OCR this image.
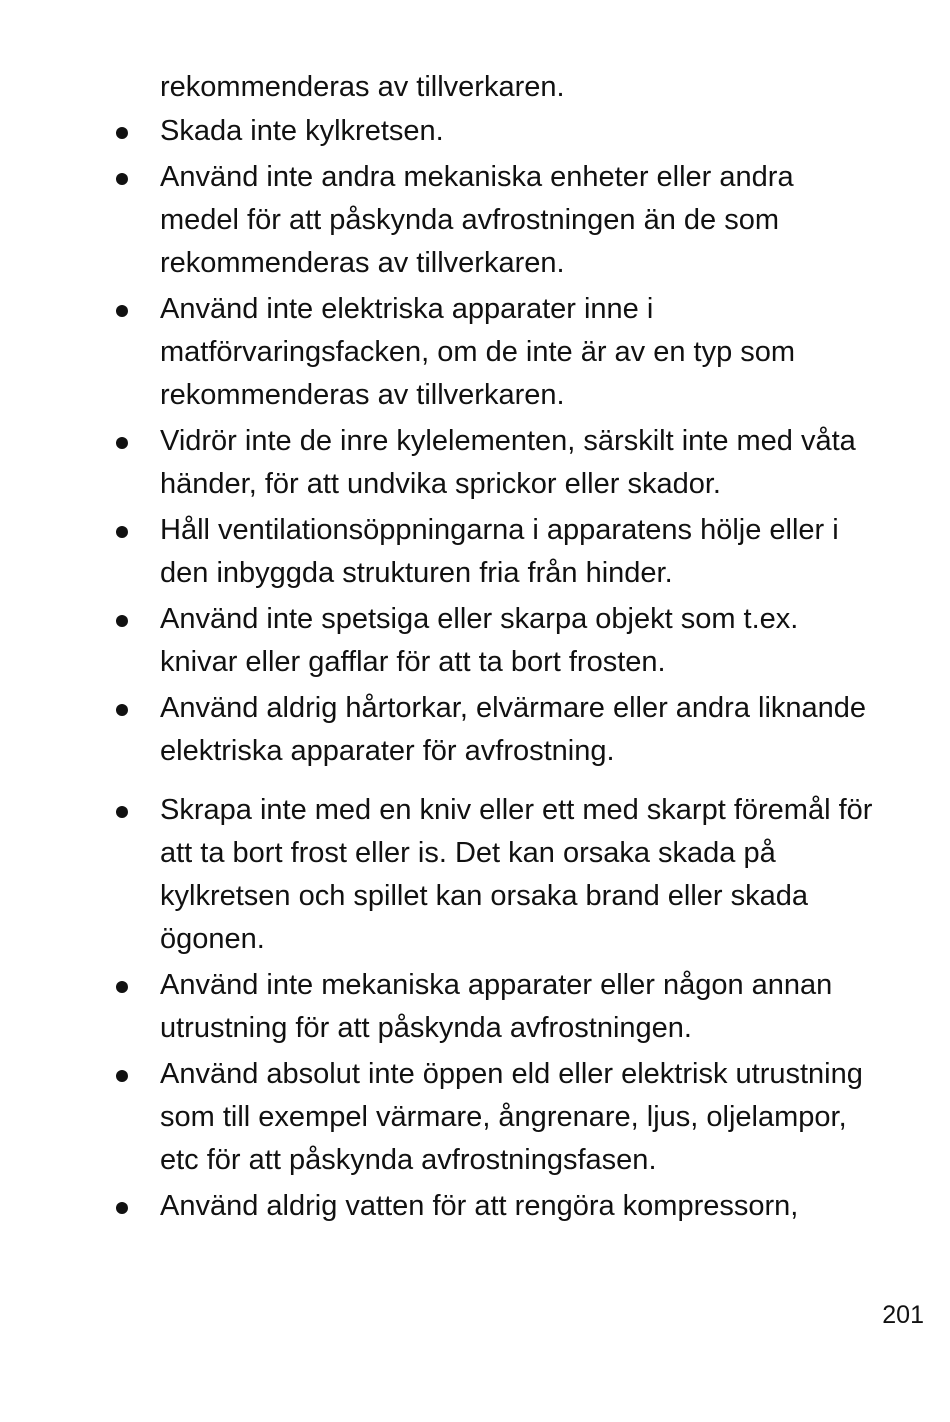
rekommenderas av tillverkaren.
Skada inte kylkretsen.
Använd inte andra mekaniska enheter eller andra medel för att påskynda avfrostningen än de som rekommenderas av tillverkaren.
Använd inte elektriska apparater inne i matförvaringsfacken, om de inte är av en typ som rekommenderas av tillverkaren.
Vidrör inte de inre kylelementen, särskilt inte med våta händer, för att undvika sprickor eller skador.
Håll ventilationsöppningarna i apparatens hölje eller i den inbyggda strukturen fria från hinder.
Använd inte spetsiga eller skarpa objekt som t.ex. knivar eller gafflar för att ta bort frosten.
Använd aldrig hårtorkar, elvärmare eller andra liknande elektriska apparater för avfrostning.
Skrapa inte med en kniv eller ett med skarpt föremål för att ta bort frost eller is. Det kan orsaka skada på kylkretsen och spillet kan orsaka brand eller skada ögonen.
Använd inte mekaniska apparater eller någon annan utrustning för att påskynda avfrostningen.
Använd absolut inte öppen eld eller elektrisk utrustning som till exempel värmare, ångrenare, ljus, oljelampor, etc för att påskynda avfrostningsfasen.
Använd aldrig vatten för att rengöra kompressorn,
201
